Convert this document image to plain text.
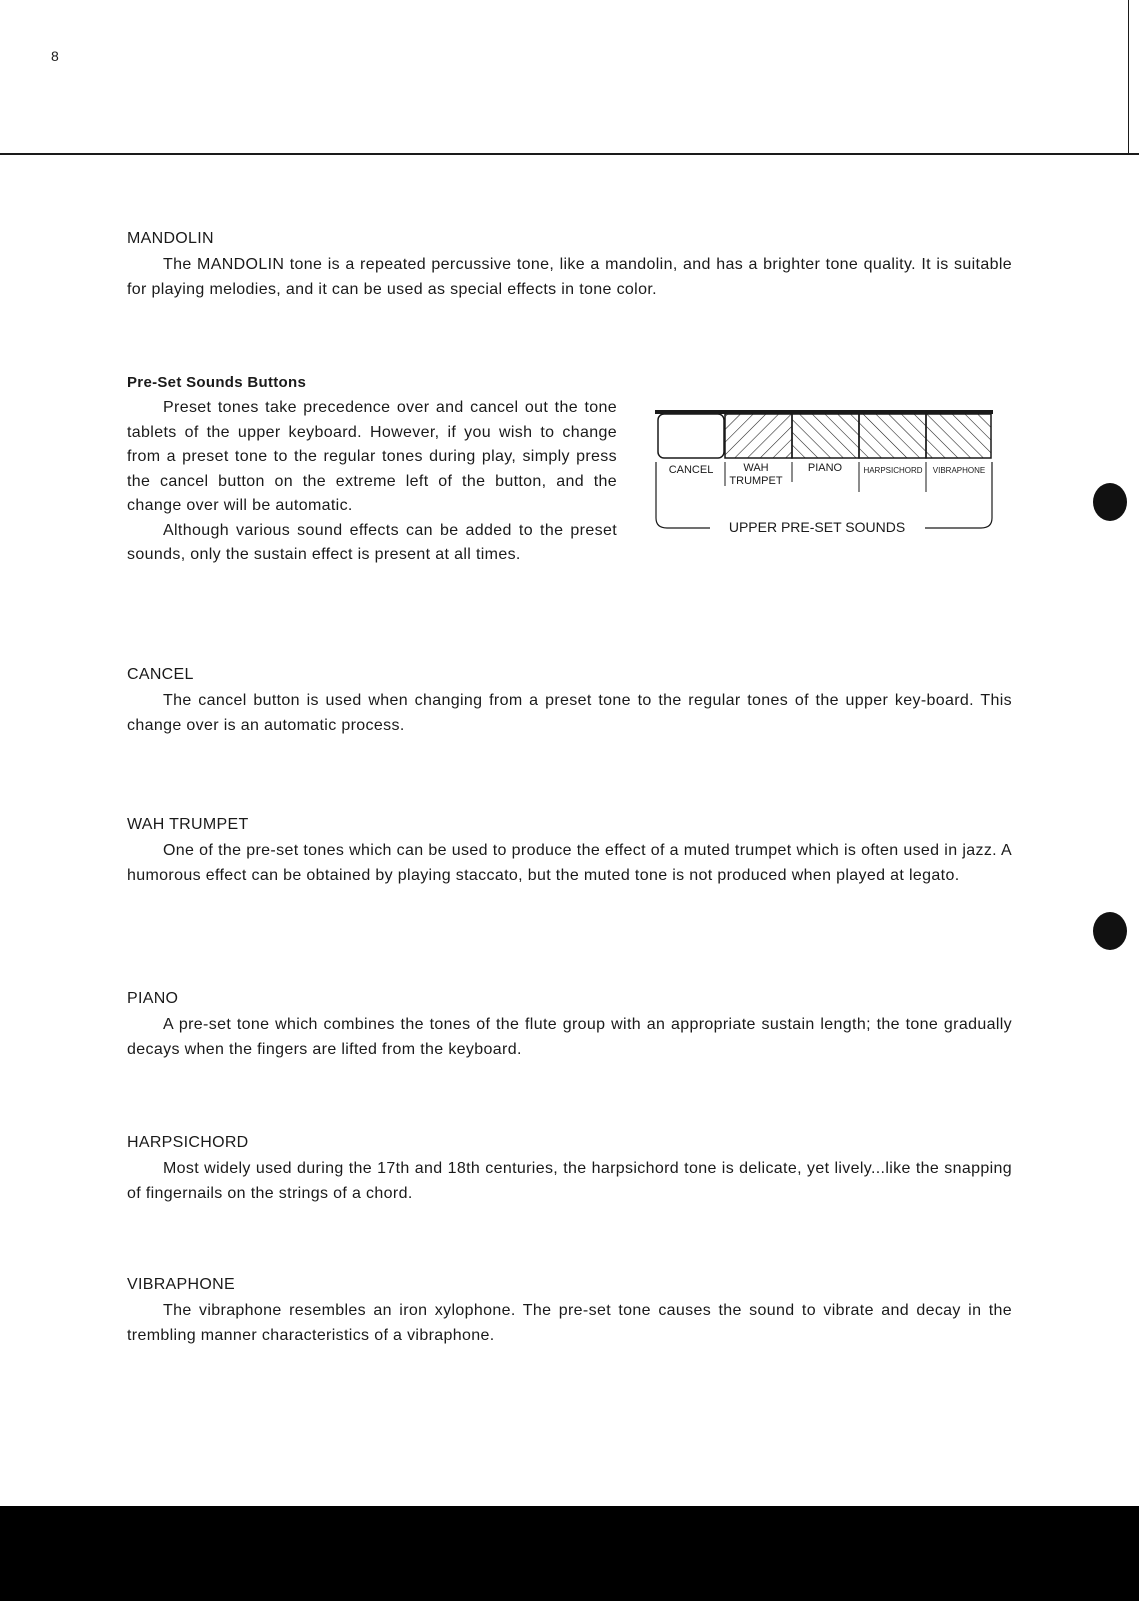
8
MANDOLIN

The MANDOLIN tone is a repeated percussive tone, like a mandolin, and has a brighter tone quality. It is suitable for playing melodies, and it can be used as special effects in tone color.

Pre-Set Sounds Buttons

Preset tones take precedence over and cancel out the tone tablets of the upper keyboard. However, if you wish to change from a preset tone to the regular tones during play, simply press the cancel button on the extreme left of the button, and the change over will be automatic.

Although various sound effects can be added to the preset sounds, only the sustain effect is present at all times.

CANCEL	WAH
TRUMPET
PIANO	HARPSICHORD VIBRAPHONE
UPPER PRE-SET SOUNDS
CANCEL

The cancel button is used when changing from a preset tone to the regular tones of the upper key-board. This change over is an automatic process.

WAH TRUMPET

One of the pre-set tones which can be used to produce the effect of a muted trumpet which is often used in jazz. A humorous effect can be obtained by playing staccato, but the muted tone is not produced when played at legato.

PIANO

A pre-set tone which combines the tones of the flute group with an appropriate sustain length; the tone gradually decays when the fingers are lifted from the keyboard.

HARPSICHORD

Most widely used during the 17th and 18th centuries, the harpsichord tone is delicate, yet lively...like the snapping of fingernails on the strings of a chord.

VIBRAPHONE

The vibraphone resembles an iron xylophone. The pre-set tone causes the sound to vibrate and decay in the trembling manner characteristics of a vibraphone.
